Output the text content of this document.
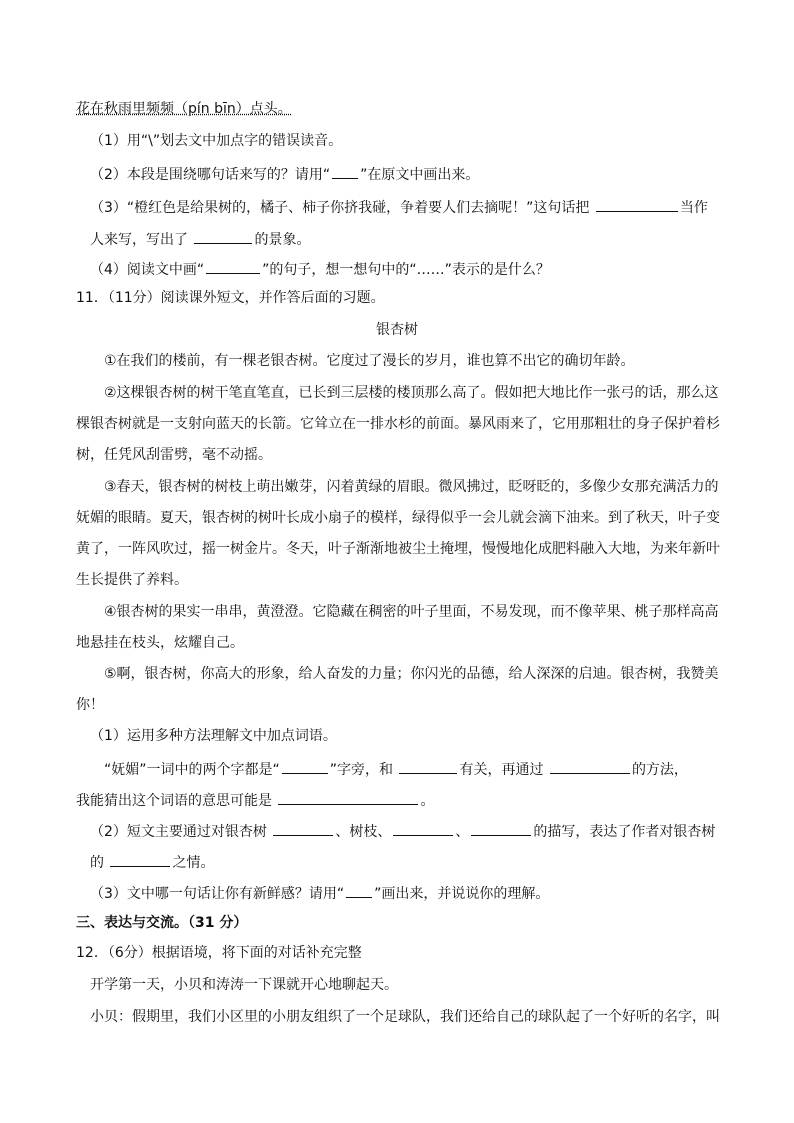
花在秋雨里频频（pín bīn）点头。
（1）用“\”划去文中加点字的错误读音。
（2）本段是围绕哪句话来写的？请用“ ”在原文中画出来。
（3）“橙红色是给果树的，橘子、柿子你挤我碰，争着要人们去摘呢！”这句话把	当作
人来写，写出了	的景象。
（4）阅读文中画“	”的句子，想一想句中的“……”表示的是什么？
11．（11分）阅读课外短文，并作答后面的习题。
银杏树
①在我们的楼前，有一棵老银杏树。它度过了漫长的岁月，谁也算不出它的确切年龄。
②这棵银杏树的树干笔直笔直，已长到三层楼的楼顶那么高了。假如把大地比作一张弓的话，那么这
棵银杏树就是一支射向蓝天的长箭。它耸立在一排水杉的前面。暴风雨来了，它用那粗壮的身子保护着杉
树，任凭风刮雷劈，毫不动摇。
③春天，银杏树的树枝上萌出嫩芽，闪着黄绿的眉眼。微风拂过，眨呀眨的，多像少女那充满活力的
妩媚的眼睛。夏天，银杏树的树叶长成小扇子的模样，绿得似乎一会儿就会滴下油来。到了秋天，叶子变
黄了，一阵风吹过，摇一树金片。冬天，叶子渐渐地被尘土掩埋，慢慢地化成肥料融入大地，为来年新叶
生长提供了养料。
④银杏树的果实一串串，黄澄澄。它隐藏在稠密的叶子里面，不易发现，而不像苹果、桃子那样高高
地悬挂在枝头，炫耀自己。
⑤啊，银杏树，你高大的形象，给人奋发的力量；你闪光的品德，给人深深的启迪。银杏树，我赞美
你！
（1）运用多种方法理解文中加点词语。
“妩媚”一词中的两个字都是“	”字旁，和	有关，再通过	的方法，
我能猜出这个词语的意思可能是	。
（2）短文主要通过对银杏树	、树枝、	、	的描写，表达了作者对银杏树
的	之情。
（3）文中哪一句话让你有新鲜感？请用“ ”画出来，并说说你的理解。
三、表达与交流。（31 分）
12．（6分）根据语境，将下面的对话补充完整
开学第一天，小贝和涛涛一下课就开心地聊起天。
小贝：假期里，我们小区里的小朋友组织了一个足球队，我们还给自己的球队起了一个好听的名字，叫
